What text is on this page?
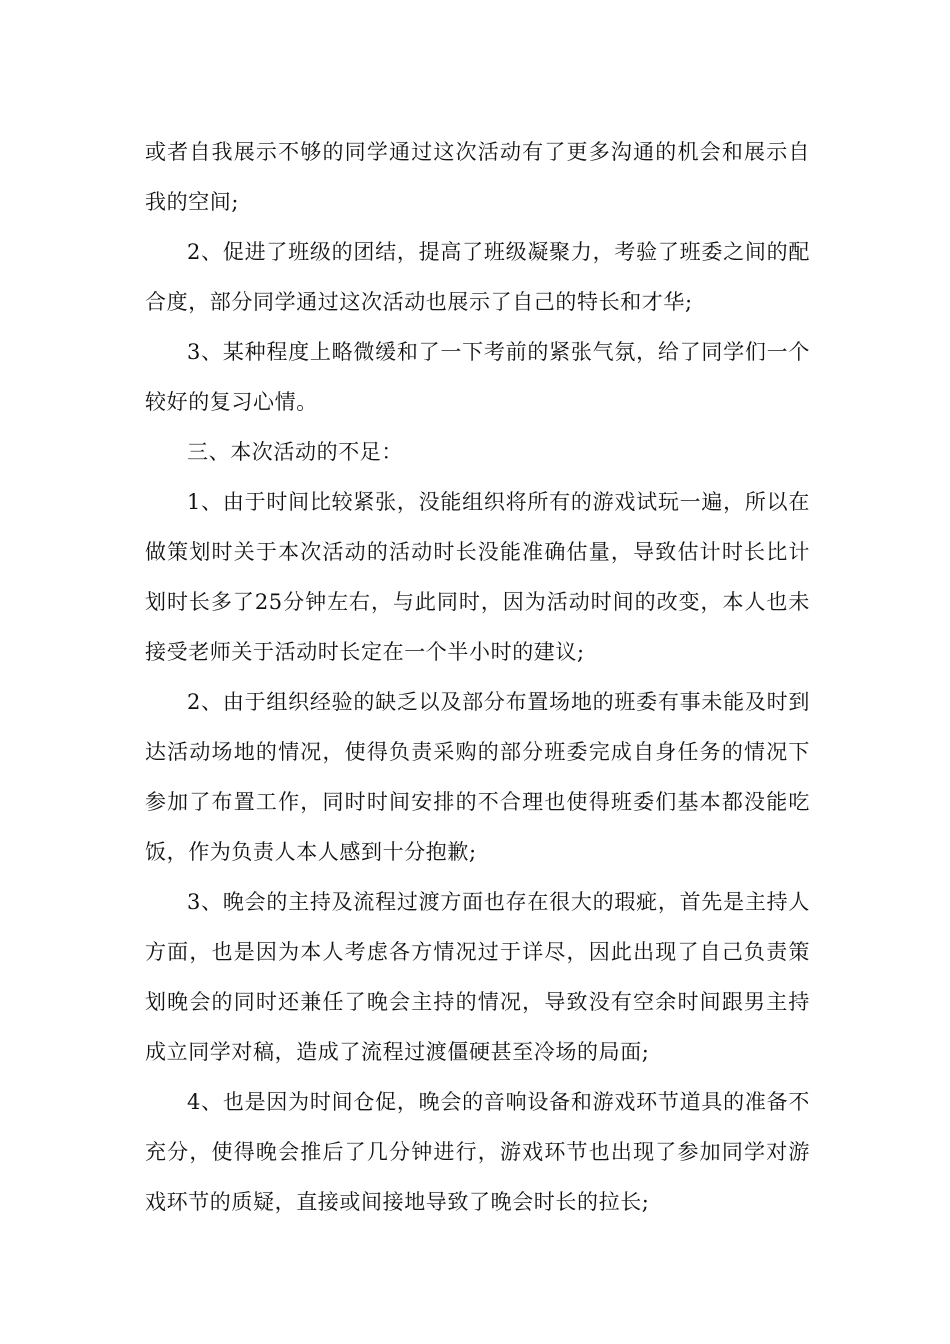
或者自我展示不够的同学通过这次活动有了更多沟通的机会和展示自我的空间;

2、促进了班级的团结，提高了班级凝聚力，考验了班委之间的配合度，部分同学通过这次活动也展示了自己的特长和才华;

3、某种程度上略微缓和了一下考前的紧张气氛，给了同学们一个较好的复习心情。

三、本次活动的不足：

1、由于时间比较紧张，没能组织将所有的游戏试玩一遍，所以在做策划时关于本次活动的活动时长没能准确估量，导致估计时长比计划时长多了25分钟左右，与此同时，因为活动时间的改变，本人也未接受老师关于活动时长定在一个半小时的建议;

2、由于组织经验的缺乏以及部分布置场地的班委有事未能及时到达活动场地的情况，使得负责采购的部分班委完成自身任务的情况下参加了布置工作，同时时间安排的不合理也使得班委们基本都没能吃饭，作为负责人本人感到十分抱歉;

3、晚会的主持及流程过渡方面也存在很大的瑕疵，首先是主持人方面，也是因为本人考虑各方情况过于详尽，因此出现了自己负责策划晚会的同时还兼任了晚会主持的情况，导致没有空余时间跟男主持成立同学对稿，造成了流程过渡僵硬甚至冷场的局面;

4、也是因为时间仓促，晚会的音响设备和游戏环节道具的准备不充分，使得晚会推后了几分钟进行，游戏环节也出现了参加同学对游戏环节的质疑，直接或间接地导致了晚会时长的拉长;
